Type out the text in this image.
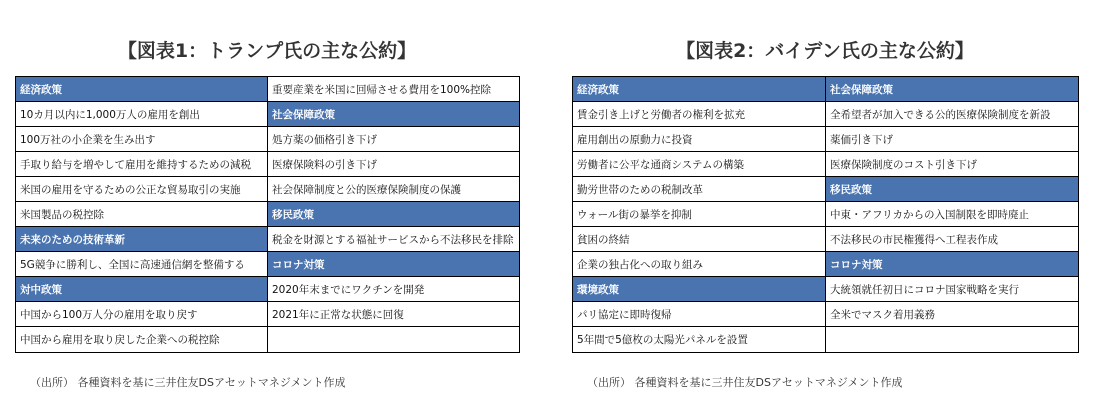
【図表1：トランプ氏の主な公約】	【図表2：バイデン氏の主な公約】
経済政策
10カ月以内に1,000万人の雇用を創出
100万社の小企業を生み出す
手取り給与を増やして雇用を維持するための減税
米国の雇用を守るための公正な貿易取引の実施
米国製品の税控除
未来のための技術革新
5G競争に勝利し、全国に高速通信網を整備する
対中政策
中国から100万人分の雇用を取り戻す
中国から雇用を取り戻した企業への税控除
重要産業を米国に回帰させる費用を100%控除
社会保障政策
処方薬の価格引き下げ
医療保険料の引き下げ
社会保障制度と公的医療保険制度の保護
移民政策
税金を財源とする福祉サービスから不法移民を排除
コロナ対策
2020年末までにワクチンを開発
2021年に正常な状態に回復
経済政策
賃金引き上げと労働者の権利を拡充
雇用創出の原動力に投資
労働者に公平な通商システムの構築
勤労世帯のための税制改革
ウォール街の暴挙を抑制
貧困の終結
企業の独占化への取り組み
環境政策
パリ協定に即時復帰
5年間で5億枚の太陽光パネルを設置
社会保障政策
全希望者が加入できる公的医療保険制度を新設
薬価引き下げ
医療保険制度のコスト引き下げ
移民政策
中東・アフリカからの入国制限を即時廃止
不法移民の市民権獲得へ工程表作成
コロナ対策
大統領就任初日にコロナ国家戦略を実行
全米でマスク着用義務
（出所） 各種資料を基に三井住友DSアセットマネジメント作成	（出所） 各種資料を基に三井住友DSアセットマネジメント作成
